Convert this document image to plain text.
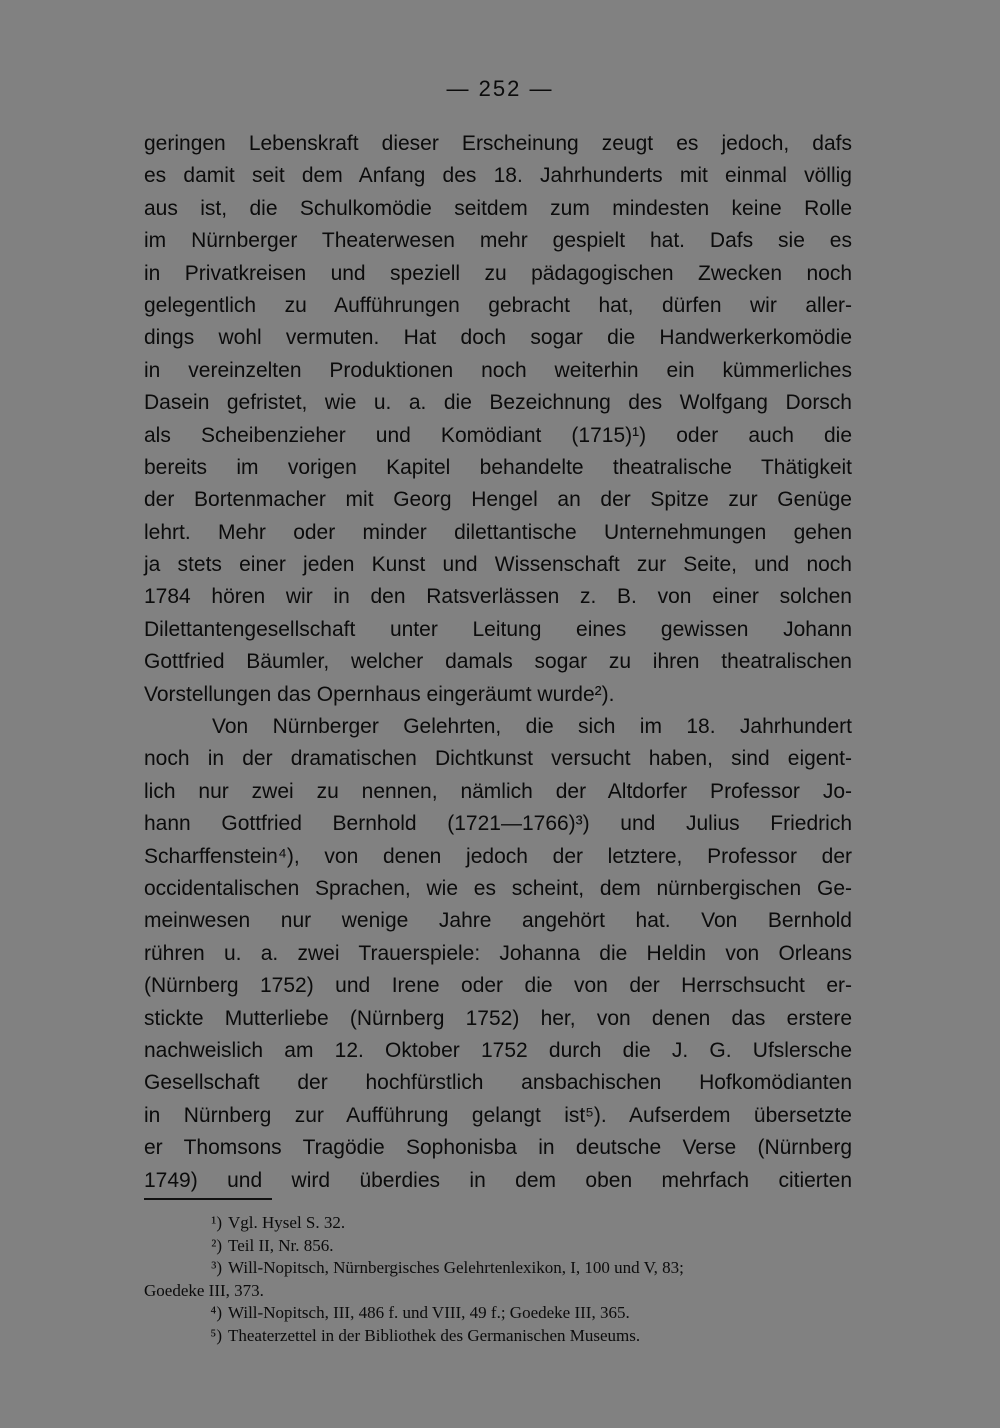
— 252 —
geringen Lebenskraft dieser Erscheinung zeugt es jedoch, dafs
es damit seit dem Anfang des 18. Jahrhunderts mit einmal völlig
aus ist, die Schulkomödie seitdem zum mindesten keine Rolle
im Nürnberger Theaterwesen mehr gespielt hat. Dafs sie es
in Privatkreisen und speziell zu pädagogischen Zwecken noch
gelegentlich zu Aufführungen gebracht hat, dürfen wir aller-
dings wohl vermuten. Hat doch sogar die Handwerkerkomödie
in vereinzelten Produktionen noch weiterhin ein kümmerliches
Dasein gefristet, wie u. a. die Bezeichnung des Wolfgang Dorsch
als Scheibenzieher und Komödiant (1715)¹) oder auch die
bereits im vorigen Kapitel behandelte theatralische Thätigkeit
der Bortenmacher mit Georg Hengel an der Spitze zur Genüge
lehrt. Mehr oder minder dilettantische Unternehmungen gehen
ja stets einer jeden Kunst und Wissenschaft zur Seite, und noch
1784 hören wir in den Ratsverlässen z. B. von einer solchen
Dilettantengesellschaft unter Leitung eines gewissen Johann
Gottfried Bäumler, welcher damals sogar zu ihren theatralischen
Vorstellungen das Opernhaus eingeräumt wurde²).
Von Nürnberger Gelehrten, die sich im 18. Jahrhundert
noch in der dramatischen Dichtkunst versucht haben, sind eigent-
lich nur zwei zu nennen, nämlich der Altdorfer Professor Jo-
hann Gottfried Bernhold (1721—1766)³) und Julius Friedrich
Scharffenstein⁴), von denen jedoch der letztere, Professor der
occidentalischen Sprachen, wie es scheint, dem nürnbergischen Ge-
meinwesen nur wenige Jahre angehört hat. Von Bernhold
rühren u. a. zwei Trauerspiele: Johanna die Heldin von Orleans
(Nürnberg 1752) und Irene oder die von der Herrschsucht er-
stickte Mutterliebe (Nürnberg 1752) her, von denen das erstere
nachweislich am 12. Oktober 1752 durch die J. G. Ufslersche
Gesellschaft der hochfürstlich ansbachischen Hofkomödianten
in Nürnberg zur Aufführung gelangt ist⁵). Aufserdem übersetzte
er Thomsons Tragödie Sophonisba in deutsche Verse (Nürnberg
1749) und wird überdies in dem oben mehrfach citierten
¹) Vgl. Hysel S. 32.
²) Teil II, Nr. 856.
³) Will-Nopitsch, Nürnbergisches Gelehrtenlexikon, I, 100 und V, 83;
Goedeke III, 373.
⁴) Will-Nopitsch, III, 486 f. und VIII, 49 f.; Goedeke III, 365.
⁵) Theaterzettel in der Bibliothek des Germanischen Museums.
